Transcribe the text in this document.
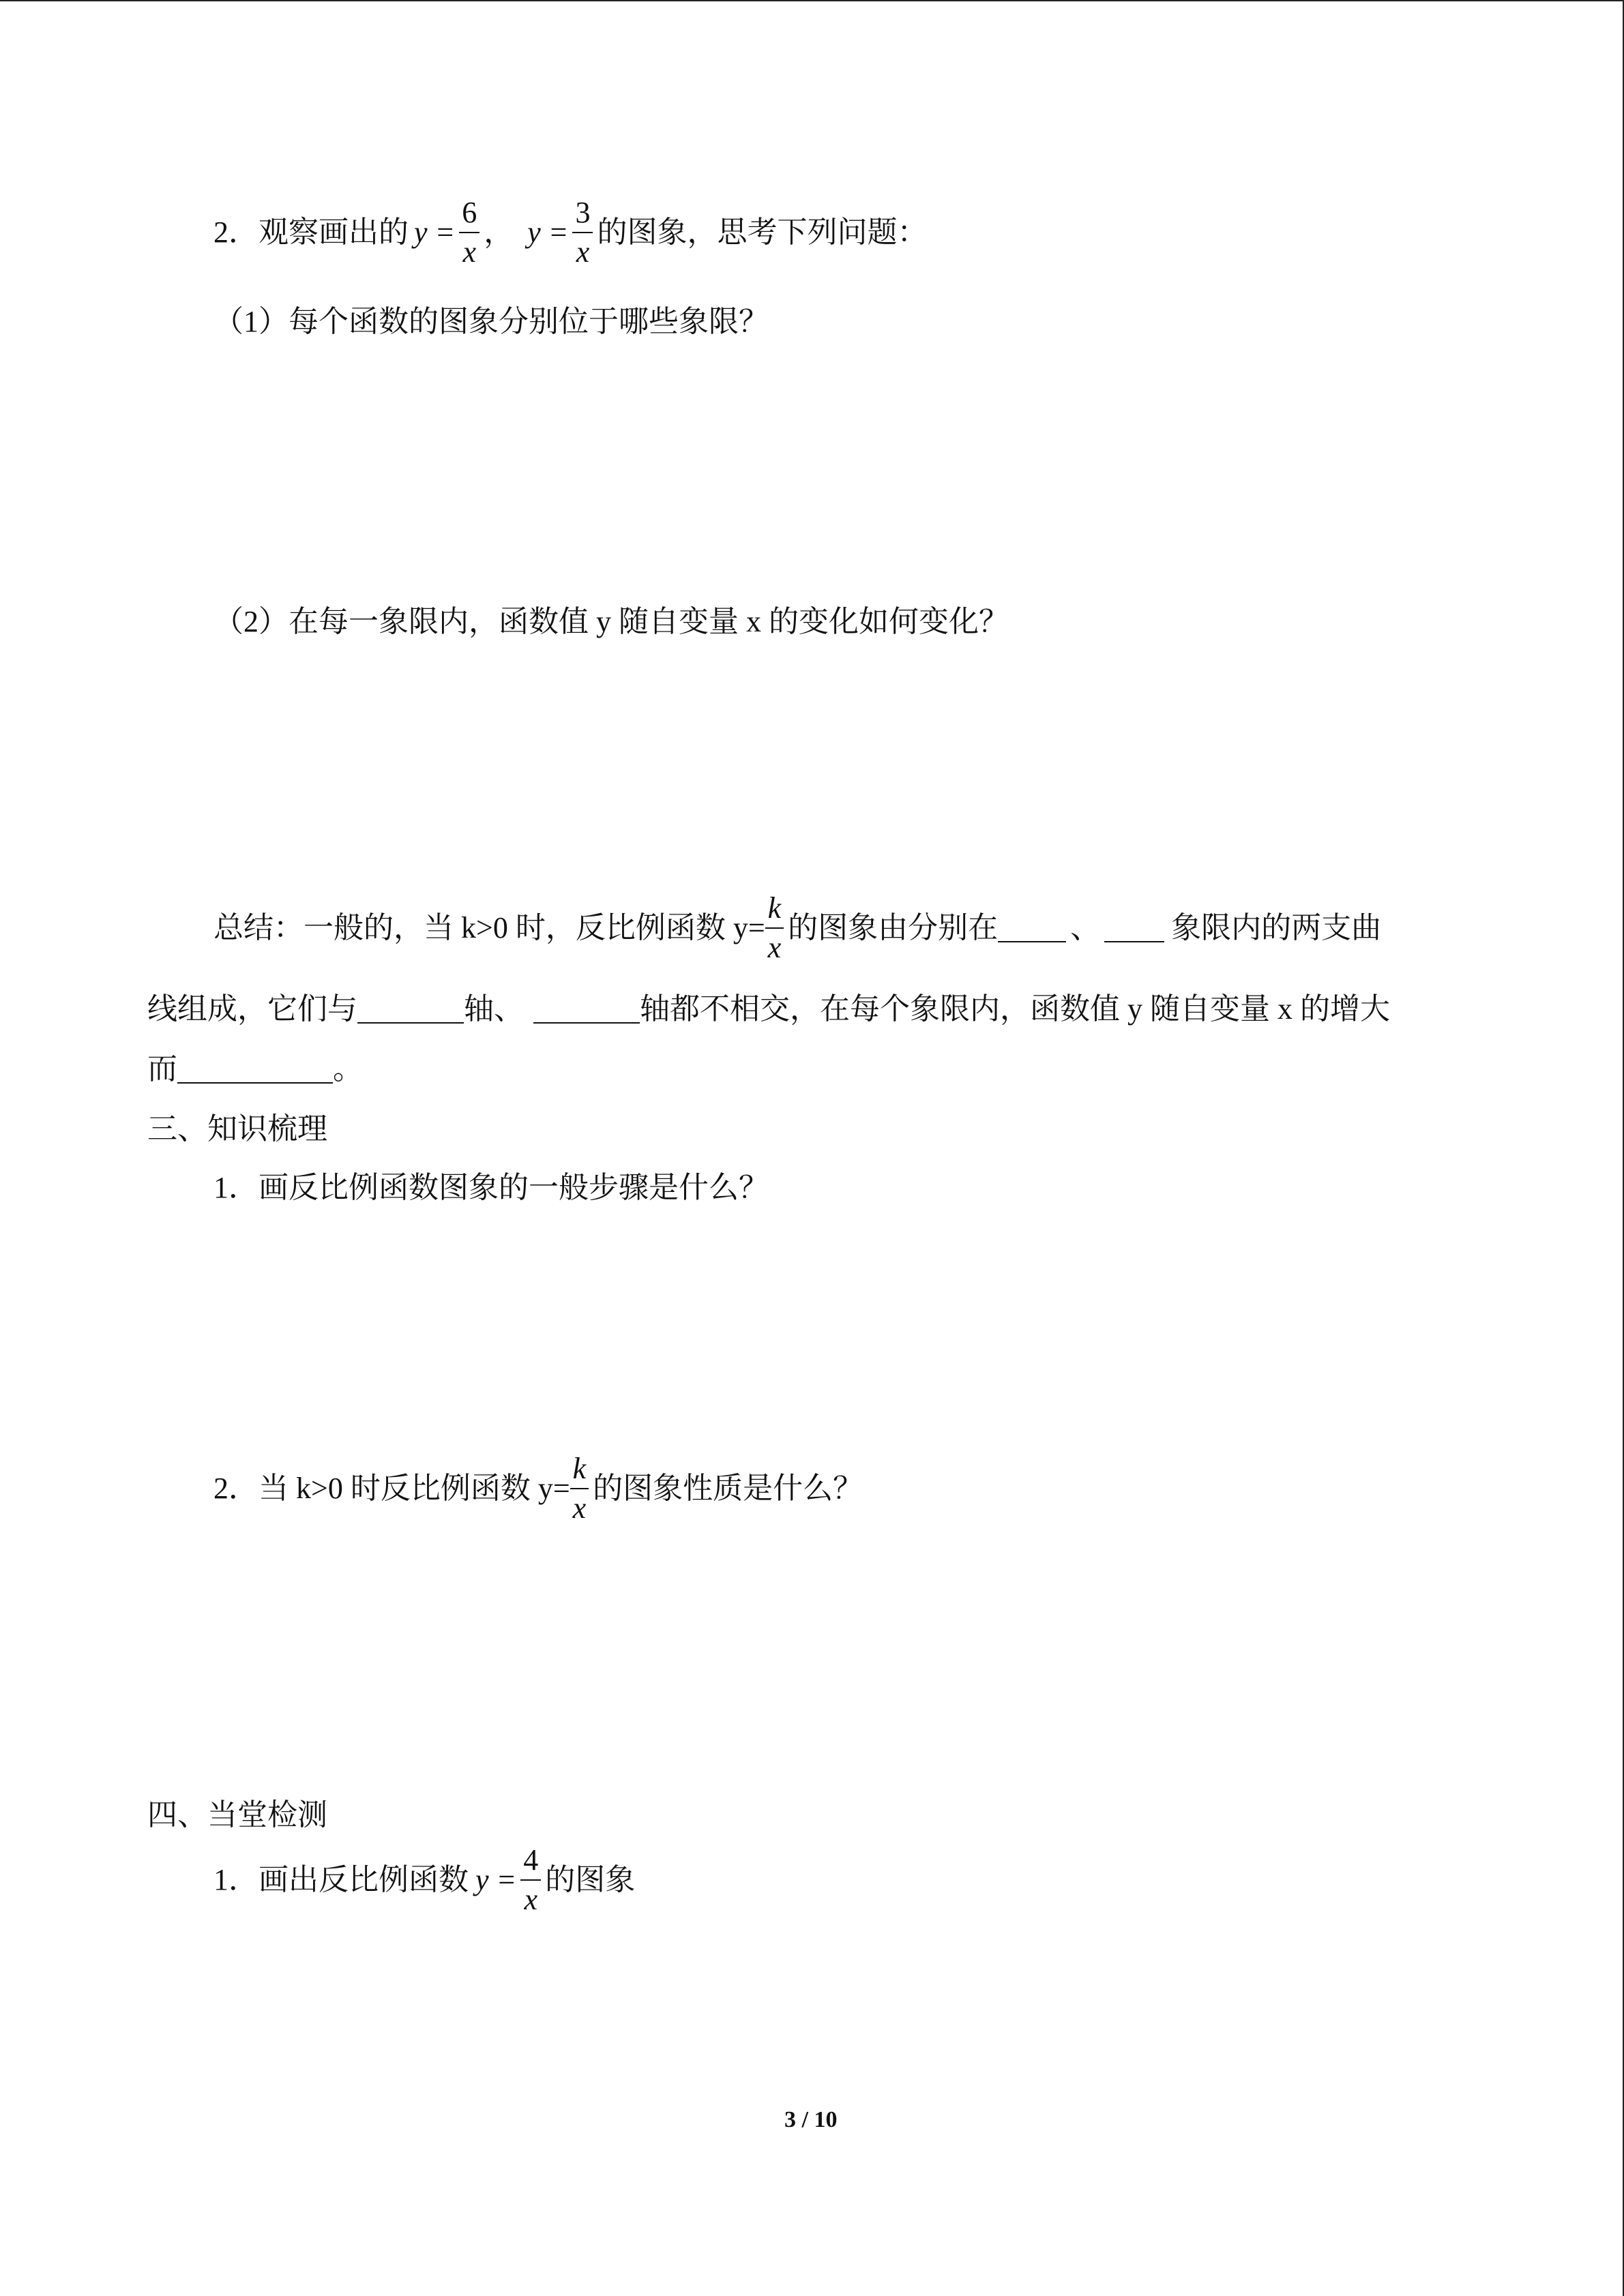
2．观察画出的 $y = \frac{6}{x}$ ， $y = \frac{3}{x}$ 的图象，思考下列问题：
（1）每个函数的图象分别位于哪些象限？
（2）在每一象限内，函数值 y 随自变量 x 的变化如何变化？
总结：一般的，当 k>0 时，反比例函数 $y= \frac{k}{x}$ 的图象由分别在 、 象限内的两支曲
线组成，它们与	轴、	轴都不相交，在每个象限内，函数值 y 随自变量 x 的增大
而	。
三、知识梳理
1．画反比例函数图象的一般步骤是什么？
2．当 k>0 时反比例函数 $y= \frac{k}{x}$ 的图象性质是什么？
四、当堂检测
1．画出反比例函数 $y = \frac{4}{x}$ 的图象
3 / 10
